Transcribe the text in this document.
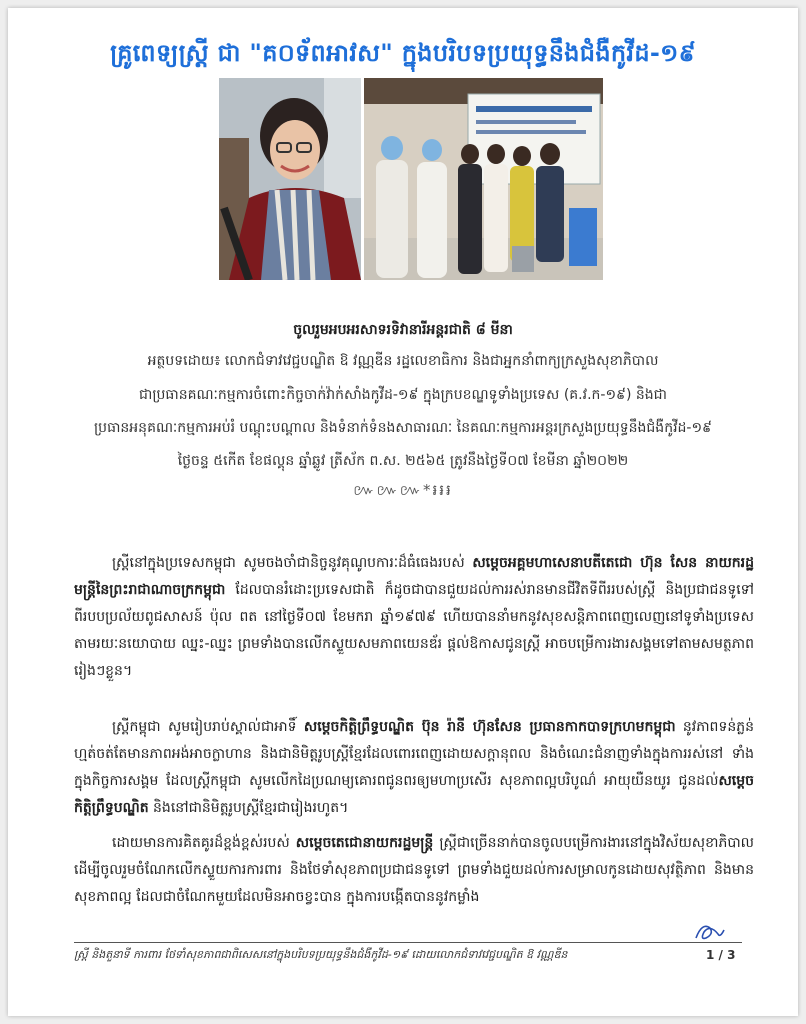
គ្រូពេទ្យស្រ្តី ជា "គ០ទ័ពអាវស" ក្នុងបរិបទប្រយុទ្ធនឹងជំងឺកូវីដ-១៩
ចូលរួមអបអរសាទរទិវានារីអន្តរជាតិ ៨ មីនា
អត្ថបទដោយ៖ លោកជំទាវវេជ្ជបណ្ឌិត ឱ វណ្ណឌីន រដ្ឋលេខាធិការ និងជាអ្នកនាំពាក្យក្រសួងសុខាភិបាល
ជាប្រធានគណៈកម្មការចំពោះកិច្ចចាក់វ៉ាក់សាំងកូវីដ-១៩ ក្នុងក្របខណ្ឌទូទាំងប្រទេស (គ.វ.ក-១៩) និងជា
ប្រធានអនុគណៈកម្មការអប់រំ បណ្ដុះបណ្ដាល និងទំនាក់ទំនងសាធារណៈ នៃគណៈកម្មការអន្តរក្រសួងប្រយុទ្ធនឹងជំងឺកូវីដ-១៩
ថ្ងៃចន្ទ ៥កើត ខែផល្គុន ឆ្នាំឆ្លូវ ត្រីស័ក ព.ស. ២៥៦៥ ត្រូវនឹងថ្ងៃទី០៧ ខែមីនា ឆ្នាំ២០២២
៚៚៚*៛៛៛
ស្ត្រីនៅក្នុងប្រទេសកម្ពុជា សូមចងចាំជានិច្ចនូវគុណូបការៈដ៏ធំធេងរបស់ សម្ដេចអគ្គមហាសេនាបតីតេជោ ហ៊ុន សែន នាយករដ្ឋមន្ត្រីនៃព្រះរាជាណាចក្រកម្ពុជា ដែលបានរំដោះប្រទេសជាតិ ក៏ដូចជាបានជួយដល់ការរស់រានមានជីវិតទីពីររបស់ស្ត្រី និងប្រជាជនទូទៅ ពីរបបប្រល័យពូជសាសន៍ ប៉ុល ពត នៅថ្ងៃទី០៧ ខែមករា ឆ្នាំ១៩៧៩ ហើយបាននាំមកនូវសុខសន្តិភាពពេញលេញនៅទូទាំងប្រទេសតាមរយៈនយោបាយ ឈ្នះ-ឈ្នះ ព្រមទាំងបានលើកស្ទួយសមភាពយេនឌ័រ ផ្ដល់ឱកាសជូនស្ត្រី អាចបម្រើការងារសង្គមទៅតាមសមត្ថភាពរៀងៗខ្លួន។
ស្ត្រីកម្ពុជា សូមរៀបរាប់ស្គាល់ជាអាទិ៍ សម្ដេចកិត្តិព្រឹទ្ធបណ្ឌិត ប៊ុន រ៉ានី ហ៊ុនសែន ប្រធានកាកបាទក្រហមកម្ពុជា នូវភាពទន់ភ្លន់ហ្មត់ចត់តែមានភាពអង់អាចក្លាហាន និងជានិមិត្តរូបស្ត្រីខ្មែរដែលពោរពេញដោយសក្តានុពល និងចំណេះជំនាញទាំងក្នុងការរស់នៅ ទាំងក្នុងកិច្ចការសង្គម ដែលស្ត្រីកម្ពុជា សូមលើកដៃប្រណម្យគោរពជូនពរឲ្យមហាប្រសើរ សុខភាពល្អបរិបូណ៌ អាយុយឺនយូរ ជូនដល់សម្ដេចកិត្តិព្រឹទ្ធបណ្ឌិត និងនៅជានិមិត្តរូបស្ត្រីខ្មែរជារៀងរហូត។
ដោយមានការគិតគូរដ៏ខ្ពង់ខ្ពស់របស់ សម្ដេចតេជោនាយករដ្ឋមន្ត្រី ស្ត្រីជាច្រើននាក់បានចូលបម្រើការងារនៅក្នុងវិស័យសុខាភិបាល ដើម្បីចូលរួមចំណែកលើកស្ទួយការការពារ និងថែទាំសុខភាពប្រជាជនទូទៅ ព្រមទាំងជួយដល់ការសម្រាលកូនដោយសុវត្ថិភាព និងមានសុខភាពល្អ ដែលជាចំណែកមួយដែលមិនអាចខ្វះបាន ក្នុងការបង្កើតបាននូវកម្លាំង
ស្ត្រី និងតួនាទី ការពារ ថែទាំសុខភាពជាពិសេសនៅក្នុងបរិបទប្រយុទ្ធនឹងជំងឺកូវីដ-១៩ ដោយលោកជំទាវវេជ្ជបណ្ឌិត ឱ វណ្ណឌីន	1 / 3
